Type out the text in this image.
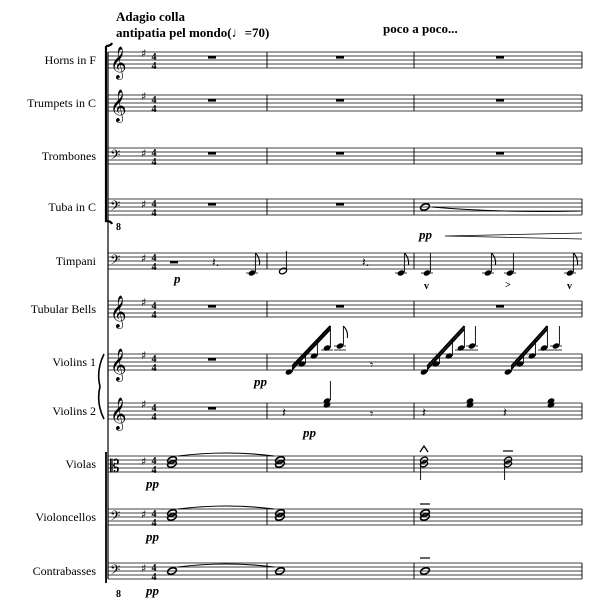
Adagio colla
antipatia pel mondo(♩=70)	poco a poco...
Horns in F 𝄞 ♯ 4
4
Trumpets in C 𝄞 ♯ 4
4
Trombones 𝄢 ♯ 4
4
Tuba in C 𝄢 ♯ 4
4
Timpani 𝄢 ♯ 4
4
Tubular Bells 𝄞 ♯ 4
4
Violins 1 𝄞 ♯ 4
4
Violins 2 𝄞 ♯ 4
4
Violas 𝄡 ♯ 4
4
Violoncellos 𝄢 ♯ 4
4
Contrabasses 𝄢 ♯ 4
4
8
8
pp
p
𝄽.	𝄽.
v	>	v
pp
𝄾
𝄽
pp
𝄾	𝄽	𝄽
pp
pp
pp
